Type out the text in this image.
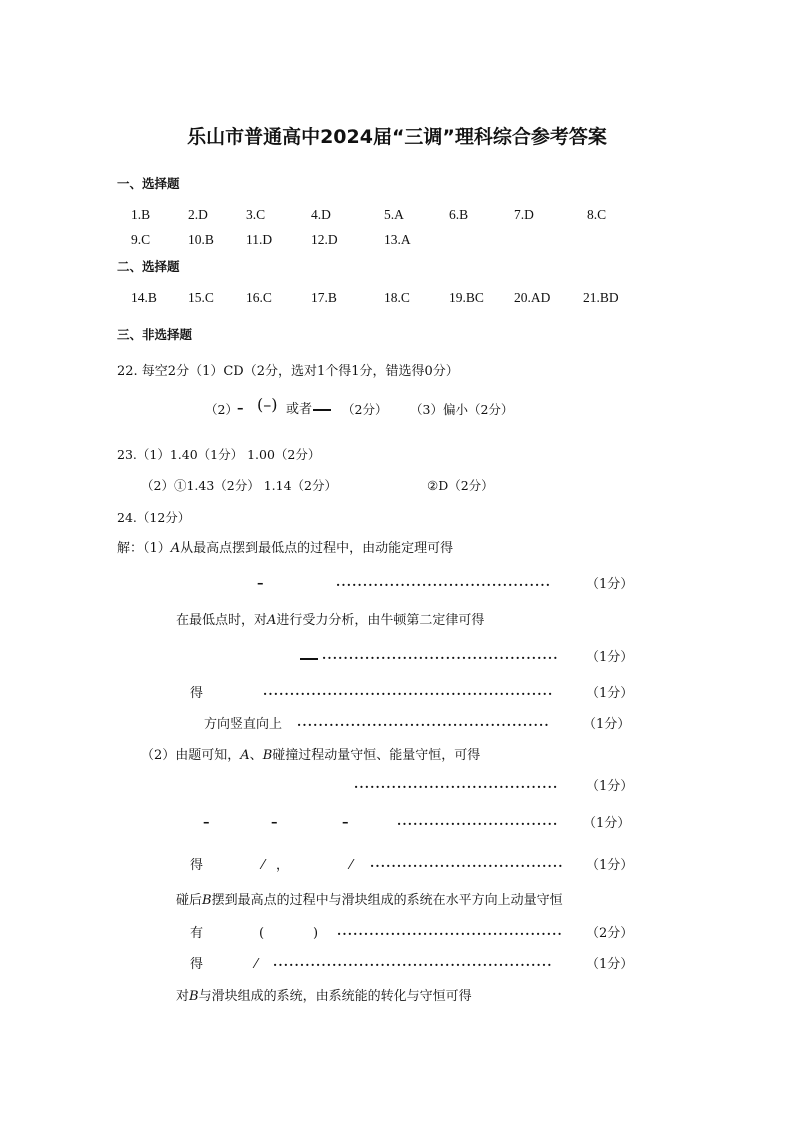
乐山市普通高中2024届“三调”理科综合参考答案
一、选择题
1.B	2.D	3.C	4.D	5.A	6.B	7.D	8.C
9.C	10.B 11.D	12.D	13.A
二、选择题
14.B 15.C 16.C	17.B	18.C	19.BC 20.AD 21.BD
三、非选择题
22. 每空2分（1）CD（2分，选对1个得1分，错选得0分）
（2） – (–) 或者 （2分） （3）偏小（2分）
23.（1）1.40（1分） 1.00（2分）
（2）①1.43（2分） 1.14（2分）	②D（2分）
24.（12分）
解：（1）A从最高点摆到最低点的过程中，由动能定理可得
–	········································	（1分）
在最低点时，对A进行受力分析，由牛顿第二定律可得
············································	（1分）
得	······················································	（1分）
方向竖直向上 ···············································	（1分）
（2）由题可知，A、B碰撞过程动量守恒、能量守恒，可得
······································	（1分）
–	–	–	······························	（1分）
得	⁄ ，	⁄ ····································	（1分）
碰后B摆到最高点的过程中与滑块组成的系统在水平方向上动量守恒
有	(	) ··········································	（2分）
得	⁄ ····················································	（1分）
对B与滑块组成的系统，由系统能的转化与守恒可得
